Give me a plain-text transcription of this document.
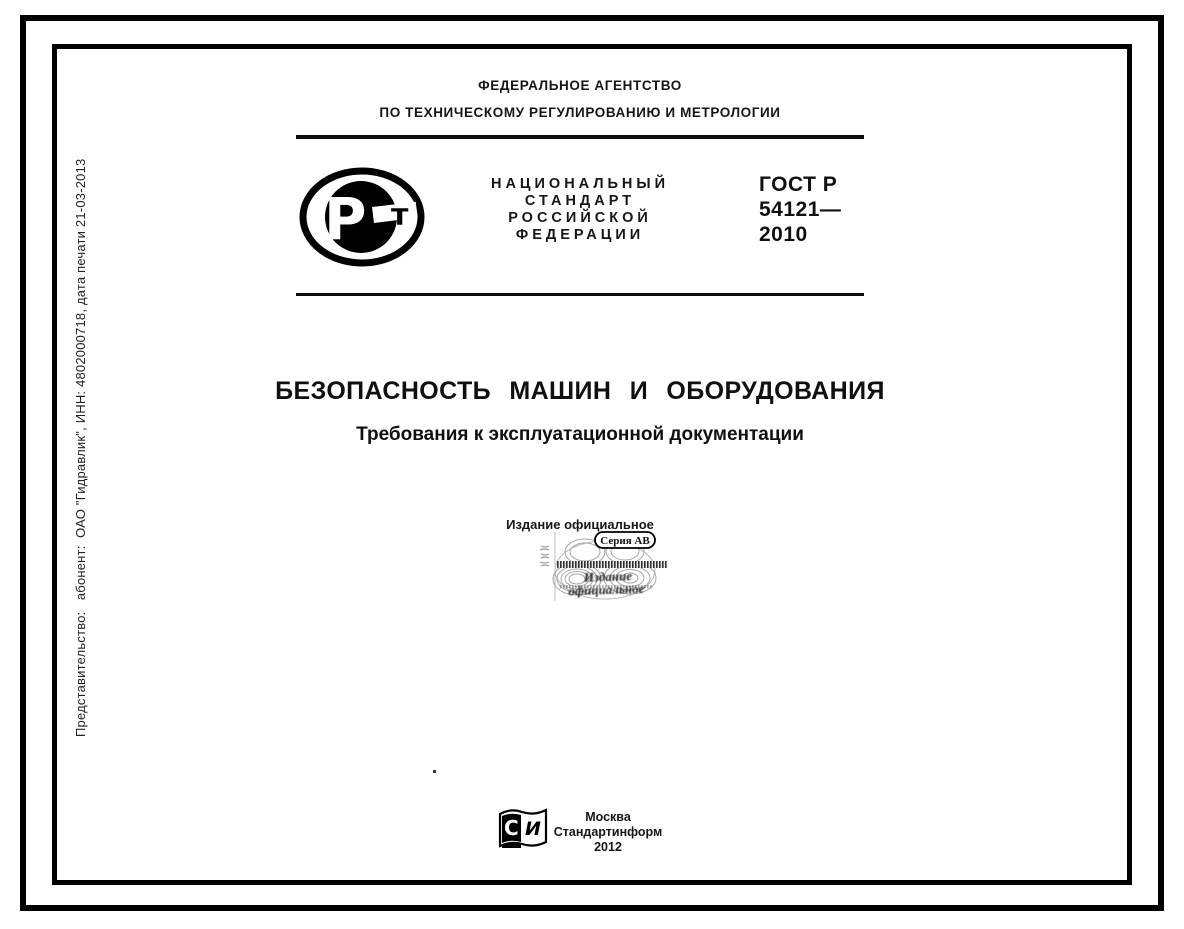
Представительство:   абонент:  ОАО "Гидравлик", ИНН: 4802000718, дата печати 21-03-2013
ФЕДЕРАЛЬНОЕ АГЕНТСТВО
ПО ТЕХНИЧЕСКОМУ РЕГУЛИРОВАНИЮ И МЕТРОЛОГИИ
Р т
НАЦИОНАЛЬНЫЙ
СТАНДАРТ
РОССИЙСКОЙ
ФЕДЕРАЦИИ
ГОСТ Р
54121—
2010
БЕЗОПАСНОСТЬ МАШИН И ОБОРУДОВАНИЯ
Требования к эксплуатационной документации
Издание официальное
Серия АВ
Издание
официальное
С И
Москва
Стандартинформ
2012
